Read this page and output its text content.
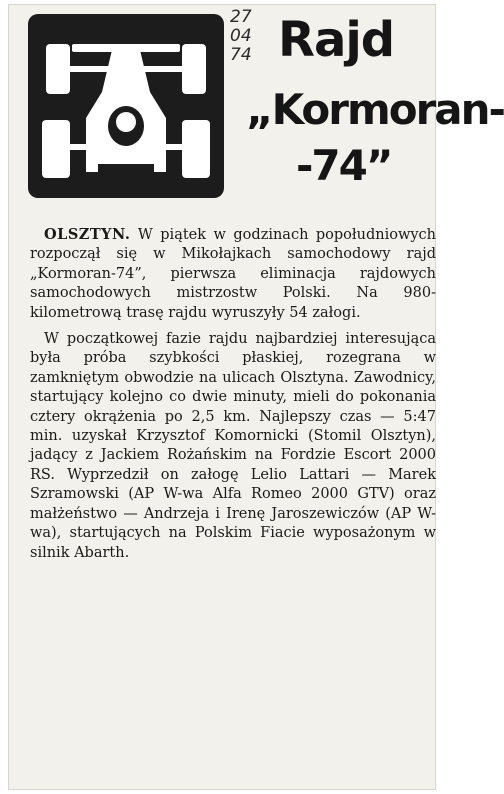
27
04
74 Rajd
„Kormoran-
-74”

OLSZTYN. W piątek w godzinach popołudniowych rozpoczął się w Mikołajkach samochodowy rajd „Kormoran-74”, pierwsza eliminacja rajdowych samochodowych mistrzostw Polski. Na 980-kilometrową trasę rajdu wyruszyły 54 załogi.

W początkowej fazie rajdu najbardziej interesująca była próba szybkości płaskiej, rozegrana w zamkniętym obwodzie na ulicach Olsztyna. Zawodnicy, startujący kolejno co dwie minuty, mieli do pokonania cztery okrążenia po 2,5 km. Najlepszy czas — 5:47 min. uzyskał Krzysztof Komornicki (Stomil Olsztyn), jadący z Jackiem Rożańskim na Fordzie Escort 2000 RS. Wyprzedził on załogę Lelio Lattari — Marek Szramowski (AP W-wa Alfa Romeo 2000 GTV) oraz małżeństwo — Andrzeja i Irenę Jaroszewiczów (AP W-wa), startujących na Polskim Fiacie wyposażonym w silnik Abarth.
